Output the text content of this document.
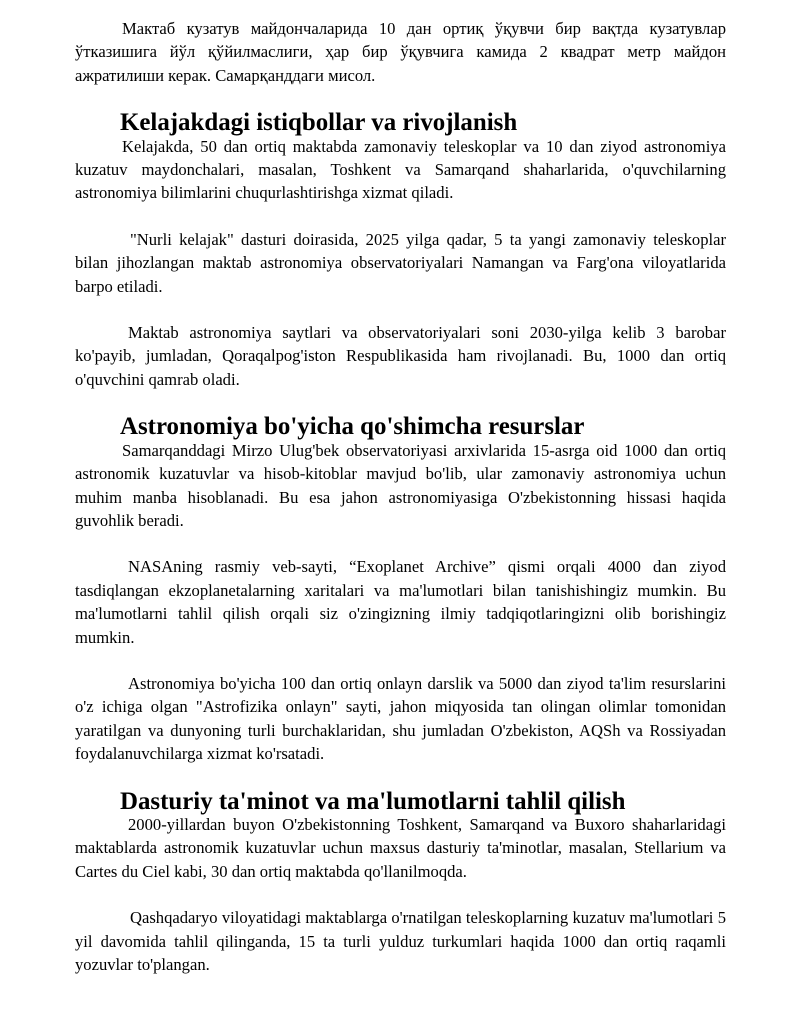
Мактаб кузатув майдончаларида 10 дан ортиқ ўқувчи бир вақтда кузатувлар ўтказишига йўл қўйилмаслиги, ҳар бир ўқувчига камида 2 квадрат метр майдон ажратилиши керак. Самарқанддаги мисол.

Kelajakdagi istiqbollar va rivojlanish

Kelajakda, 50 dan ortiq maktabda zamonaviy teleskoplar va 10 dan ziyod astronomiya kuzatuv maydonchalari, masalan, Toshkent va Samarqand shaharlarida, o'quvchilarning astronomiya bilimlarini chuqurlashtirishga xizmat qiladi.

"Nurli kelajak" dasturi doirasida, 2025 yilga qadar, 5 ta yangi zamonaviy teleskoplar bilan jihozlangan maktab astronomiya observatoriyalari Namangan va Farg'ona viloyatlarida barpo etiladi.

Maktab astronomiya saytlari va observatoriyalari soni 2030-yilga kelib 3 barobar ko'payib, jumladan, Qoraqalpog'iston Respublikasida ham rivojlanadi. Bu, 1000 dan ortiq o'quvchini qamrab oladi.

Astronomiya bo'yicha qo'shimcha resurslar

Samarqanddagi Mirzo Ulug'bek observatoriyasi arxivlarida 15-asrga oid 1000 dan ortiq astronomik kuzatuvlar va hisob-kitoblar mavjud bo'lib, ular zamonaviy astronomiya uchun muhim manba hisoblanadi. Bu esa jahon astronomiyasiga O'zbekistonning hissasi haqida guvohlik beradi.

NASAning rasmiy veb-sayti, “Exoplanet Archive” qismi orqali 4000 dan ziyod tasdiqlangan ekzoplanetalarning xaritalari va ma'lumotlari bilan tanishishingiz mumkin. Bu ma'lumotlarni tahlil qilish orqali siz o'zingizning ilmiy tadqiqotlaringizni olib borishingiz mumkin.

Astronomiya bo'yicha 100 dan ortiq onlayn darslik va 5000 dan ziyod ta'lim resurslarini o'z ichiga olgan "Astrofizika onlayn" sayti, jahon miqyosida tan olingan olimlar tomonidan yaratilgan va dunyoning turli burchaklaridan, shu jumladan O'zbekiston, AQSh va Rossiyadan foydalanuvchilarga xizmat ko'rsatadi.

Dasturiy ta'minot va ma'lumotlarni tahlil qilish

2000-yillardan buyon O'zbekistonning Toshkent, Samarqand va Buxoro shaharlaridagi maktablarda astronomik kuzatuvlar uchun maxsus dasturiy ta'minotlar, masalan, Stellarium va Cartes du Ciel kabi, 30 dan ortiq maktabda qo'llanilmoqda.

Qashqadaryo viloyatidagi maktablarga o'rnatilgan teleskoplarning kuzatuv ma'lumotlari 5 yil davomida tahlil qilinganda, 15 ta turli yulduz turkumlari haqida 1000 dan ortiq raqamli yozuvlar to'plangan.
